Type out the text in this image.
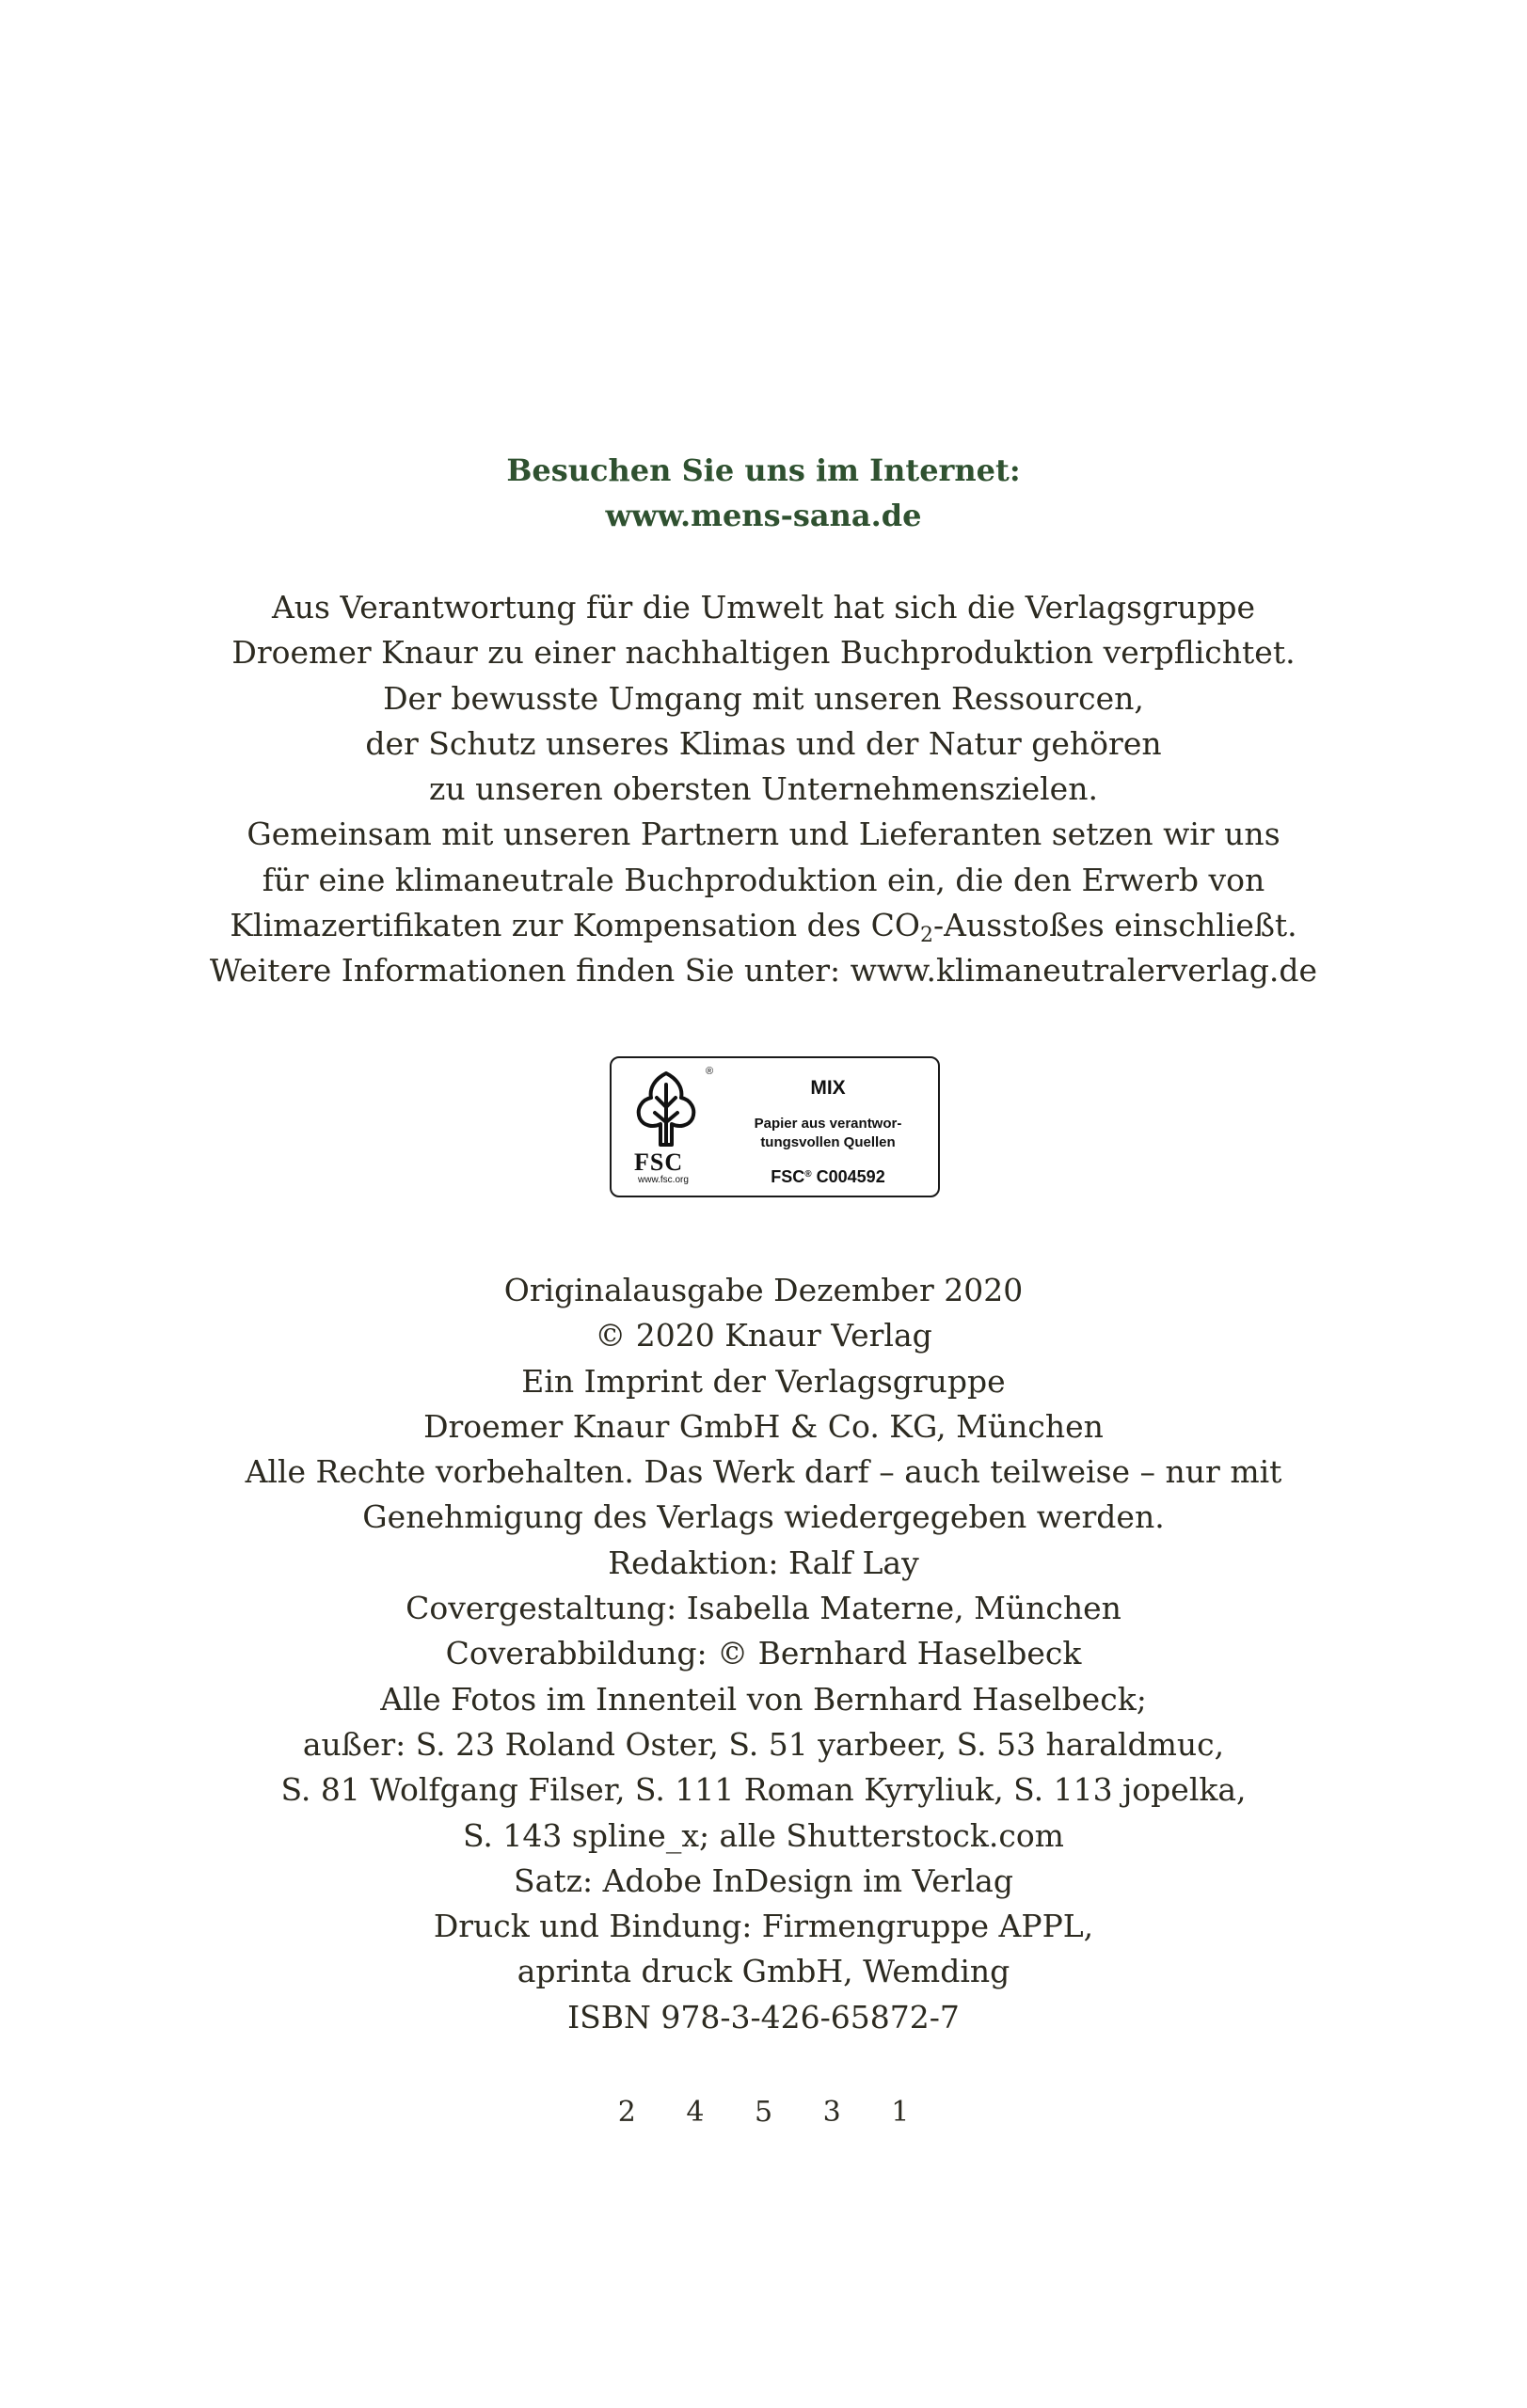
Besuchen Sie uns im Internet:
www.mens-sana.de
Aus Verantwortung für die Umwelt hat sich die Verlagsgruppe
Droemer Knaur zu einer nachhaltigen Buchproduktion verpflichtet.
Der bewusste Umgang mit unseren Ressourcen,
der Schutz unseres Klimas und der Natur gehören
zu unseren obersten Unternehmenszielen.
Gemeinsam mit unseren Partnern und Lieferanten setzen wir uns
für eine klimaneutrale Buchproduktion ein, die den Erwerb von
Klimazertifikaten zur Kompensation des $CO_2$-Ausstoßes einschließt.
Weitere Informationen finden Sie unter: www.klimaneutralerverlag.de
®
FSC
www.fsc.org
MIX
Papier aus verantwor-
tungsvollen Quellen
FSC® C004592
Originalausgabe Dezember 2020
© 2020 Knaur Verlag
Ein Imprint der Verlagsgruppe
Droemer Knaur GmbH & Co. KG, München
Alle Rechte vorbehalten. Das Werk darf – auch teilweise – nur mit
Genehmigung des Verlags wiedergegeben werden.
Redaktion: Ralf Lay
Covergestaltung: Isabella Materne, München
Coverabbildung: © Bernhard Haselbeck
Alle Fotos im Innenteil von Bernhard Haselbeck;
außer: S. 23 Roland Oster, S. 51 yarbeer, S. 53 haraldmuc,
S. 81 Wolfgang Filser, S. 111 Roman Kyryliuk, S. 113 jopelka,
S. 143 spline_x; alle Shutterstock.com
Satz: Adobe InDesign im Verlag
Druck und Bindung: Firmengruppe APPL,
aprinta druck GmbH, Wemding
ISBN 978-3-426-65872-7
2 4 5 3 1
